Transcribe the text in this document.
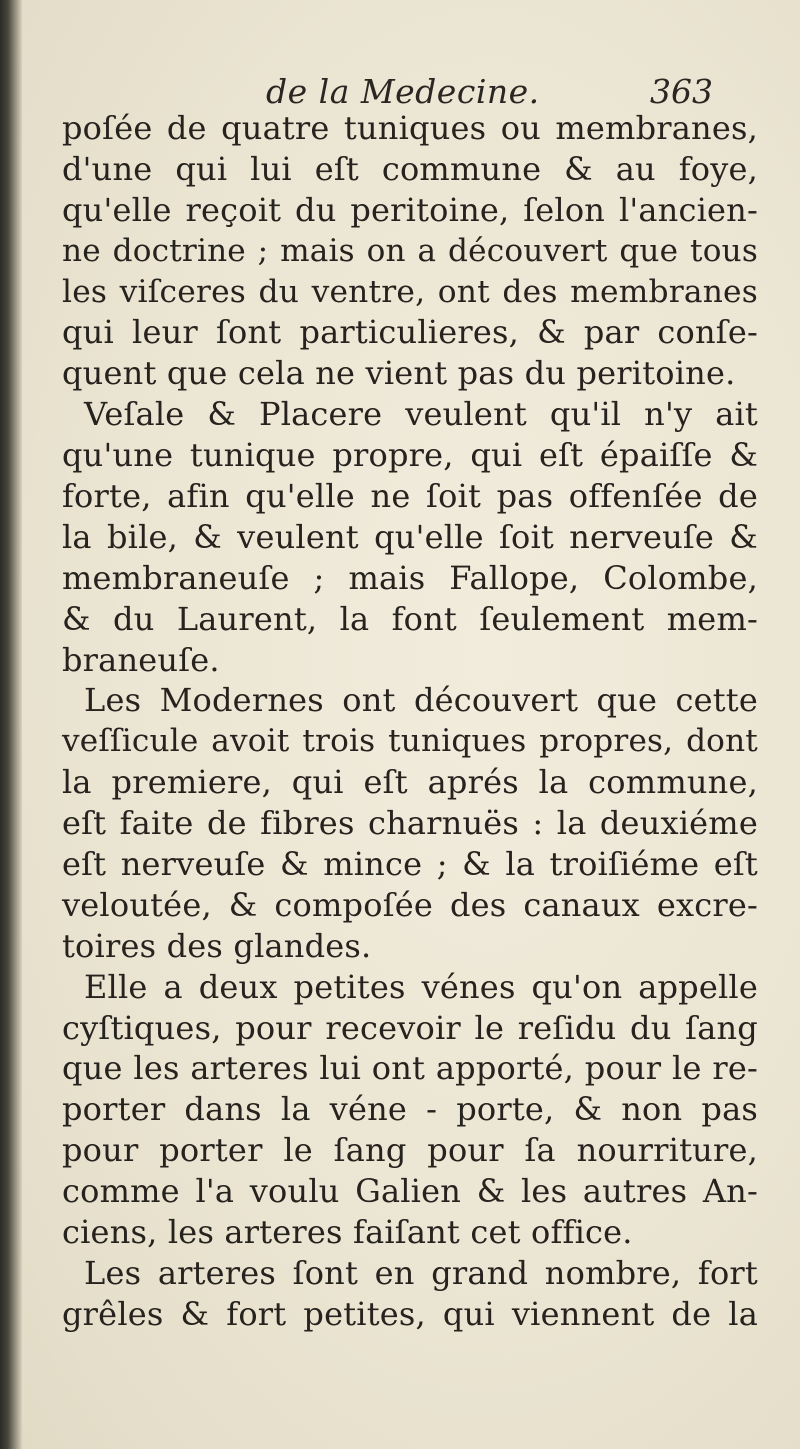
de la Medecine.	363
poſée de quatre tuniques ou membranes,
d'une qui lui eſt commune & au foye,
qu'elle reçoit du peritoine, ſelon l'ancien-
ne doctrine ; mais on a découvert que tous
les viſceres du ventre, ont des membranes
qui leur ſont particulieres, & par conſe-
quent que cela ne vient pas du peritoine.
Veſale & Placere veulent qu'il n'y ait
qu'une tunique propre, qui eſt épaiſſe &
forte, afin qu'elle ne ſoit pas offenſée de
la bile, & veulent qu'elle ſoit nerveuſe &
membraneuſe ; mais Fallope, Colombe,
& du Laurent, la font ſeulement mem-
braneuſe.
Les Modernes ont découvert que cette
veſſicule avoit trois tuniques propres, dont
la premiere, qui eſt aprés la commune,
eſt faite de fibres charnuës : la deuxiéme
eſt nerveuſe & mince ; & la troiſiéme eſt
veloutée, & compoſée des canaux excre-
toires des glandes.
Elle a deux petites vénes qu'on appelle
cyſtiques, pour recevoir le reſidu du ſang
que les arteres lui ont apporté, pour le re-
porter dans la véne - porte, & non pas
pour porter le ſang pour ſa nourriture,
comme l'a voulu Galien & les autres An-
ciens, les arteres faiſant cet office.
Les arteres ſont en grand nombre, fort
grêles & fort petites, qui viennent de la
